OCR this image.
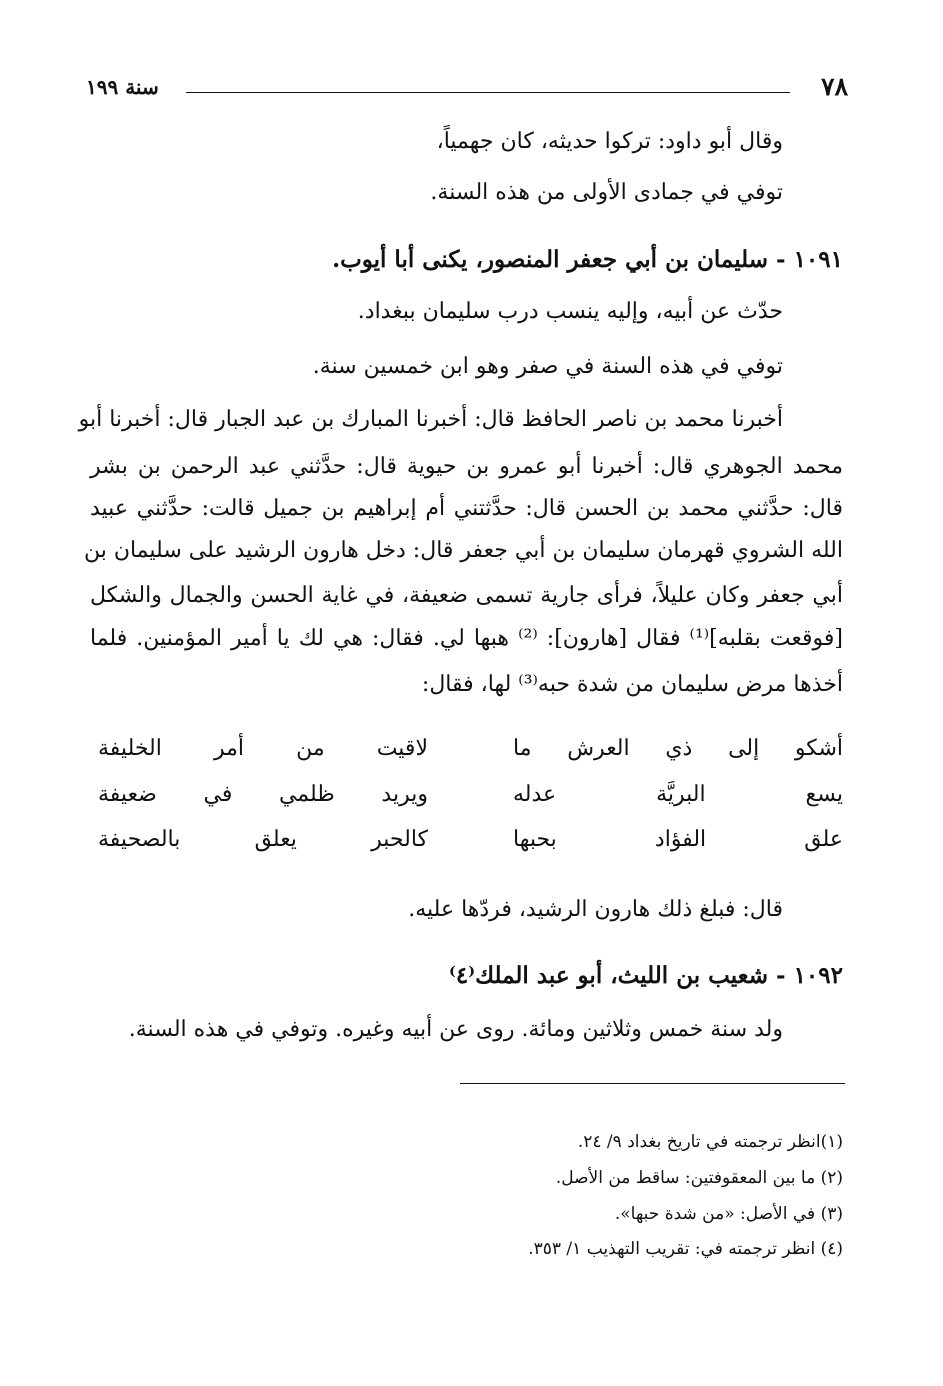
٧٨
سنة ١٩٩
وقال أبو داود: تركوا حديثه، كان جهمياً،
توفي في جمادى الأولى من هذه السنة.
١٠٩١ - سليمان بن أبي جعفر المنصور، يكنى أبا أيوب.
حدّث عن أبيه، وإليه ينسب درب سليمان ببغداد.
توفي في هذه السنة في صفر وهو ابن خمسين سنة.
أخبرنا محمد بن ناصر الحافظ قال: أخبرنا المبارك بن عبد الجبار قال: أخبرنا أبو
محمد الجوهري قال: أخبرنا أبو عمرو بن حيوية قال: حدَّثني عبد الرحمن بن بشر
قال: حدَّثني محمد بن الحسن قال: حدَّثتني أم إبراهيم بن جميل قالت: حدَّثني عبيد
الله الشروي قهرمان سليمان بن أبي جعفر قال: دخل هارون الرشيد على سليمان بن
أبي جعفر وكان عليلاً، فرأى جارية تسمى ضعيفة، في غاية الحسن والجمال والشكل
[فوقعت بقلبه]⁽¹⁾ فقال [هارون]: ⁽²⁾ هبها لي. فقال: هي لك يا أمير المؤمنين. فلما
أخذها مرض سليمان من شدة حبه⁽³⁾ لها، فقال:
أشكو إلى ذي العرش ما
لاقيت من أمر الخليفة
يسع البريَّة عدله
ويريد ظلمي في ضعيفة
علق الفؤاد بحبها
كالحبر يعلق بالصحيفة
قال: فبلغ ذلك هارون الرشيد، فردّها عليه.
١٠٩٢ - شعيب بن الليث، أبو عبد الملك⁽٤⁾
ولد سنة خمس وثلاثين ومائة. روى عن أبيه وغيره. وتوفي في هذه السنة.
(١)انظر ترجمته في تاريخ بغداد ٩/ ٢٤.
(٢) ما بين المعقوفتين: ساقط من الأصل.
(٣) في الأصل: «من شدة حبها».
(٤) انظر ترجمته في: تقريب التهذيب ١/ ٣٥٣.
